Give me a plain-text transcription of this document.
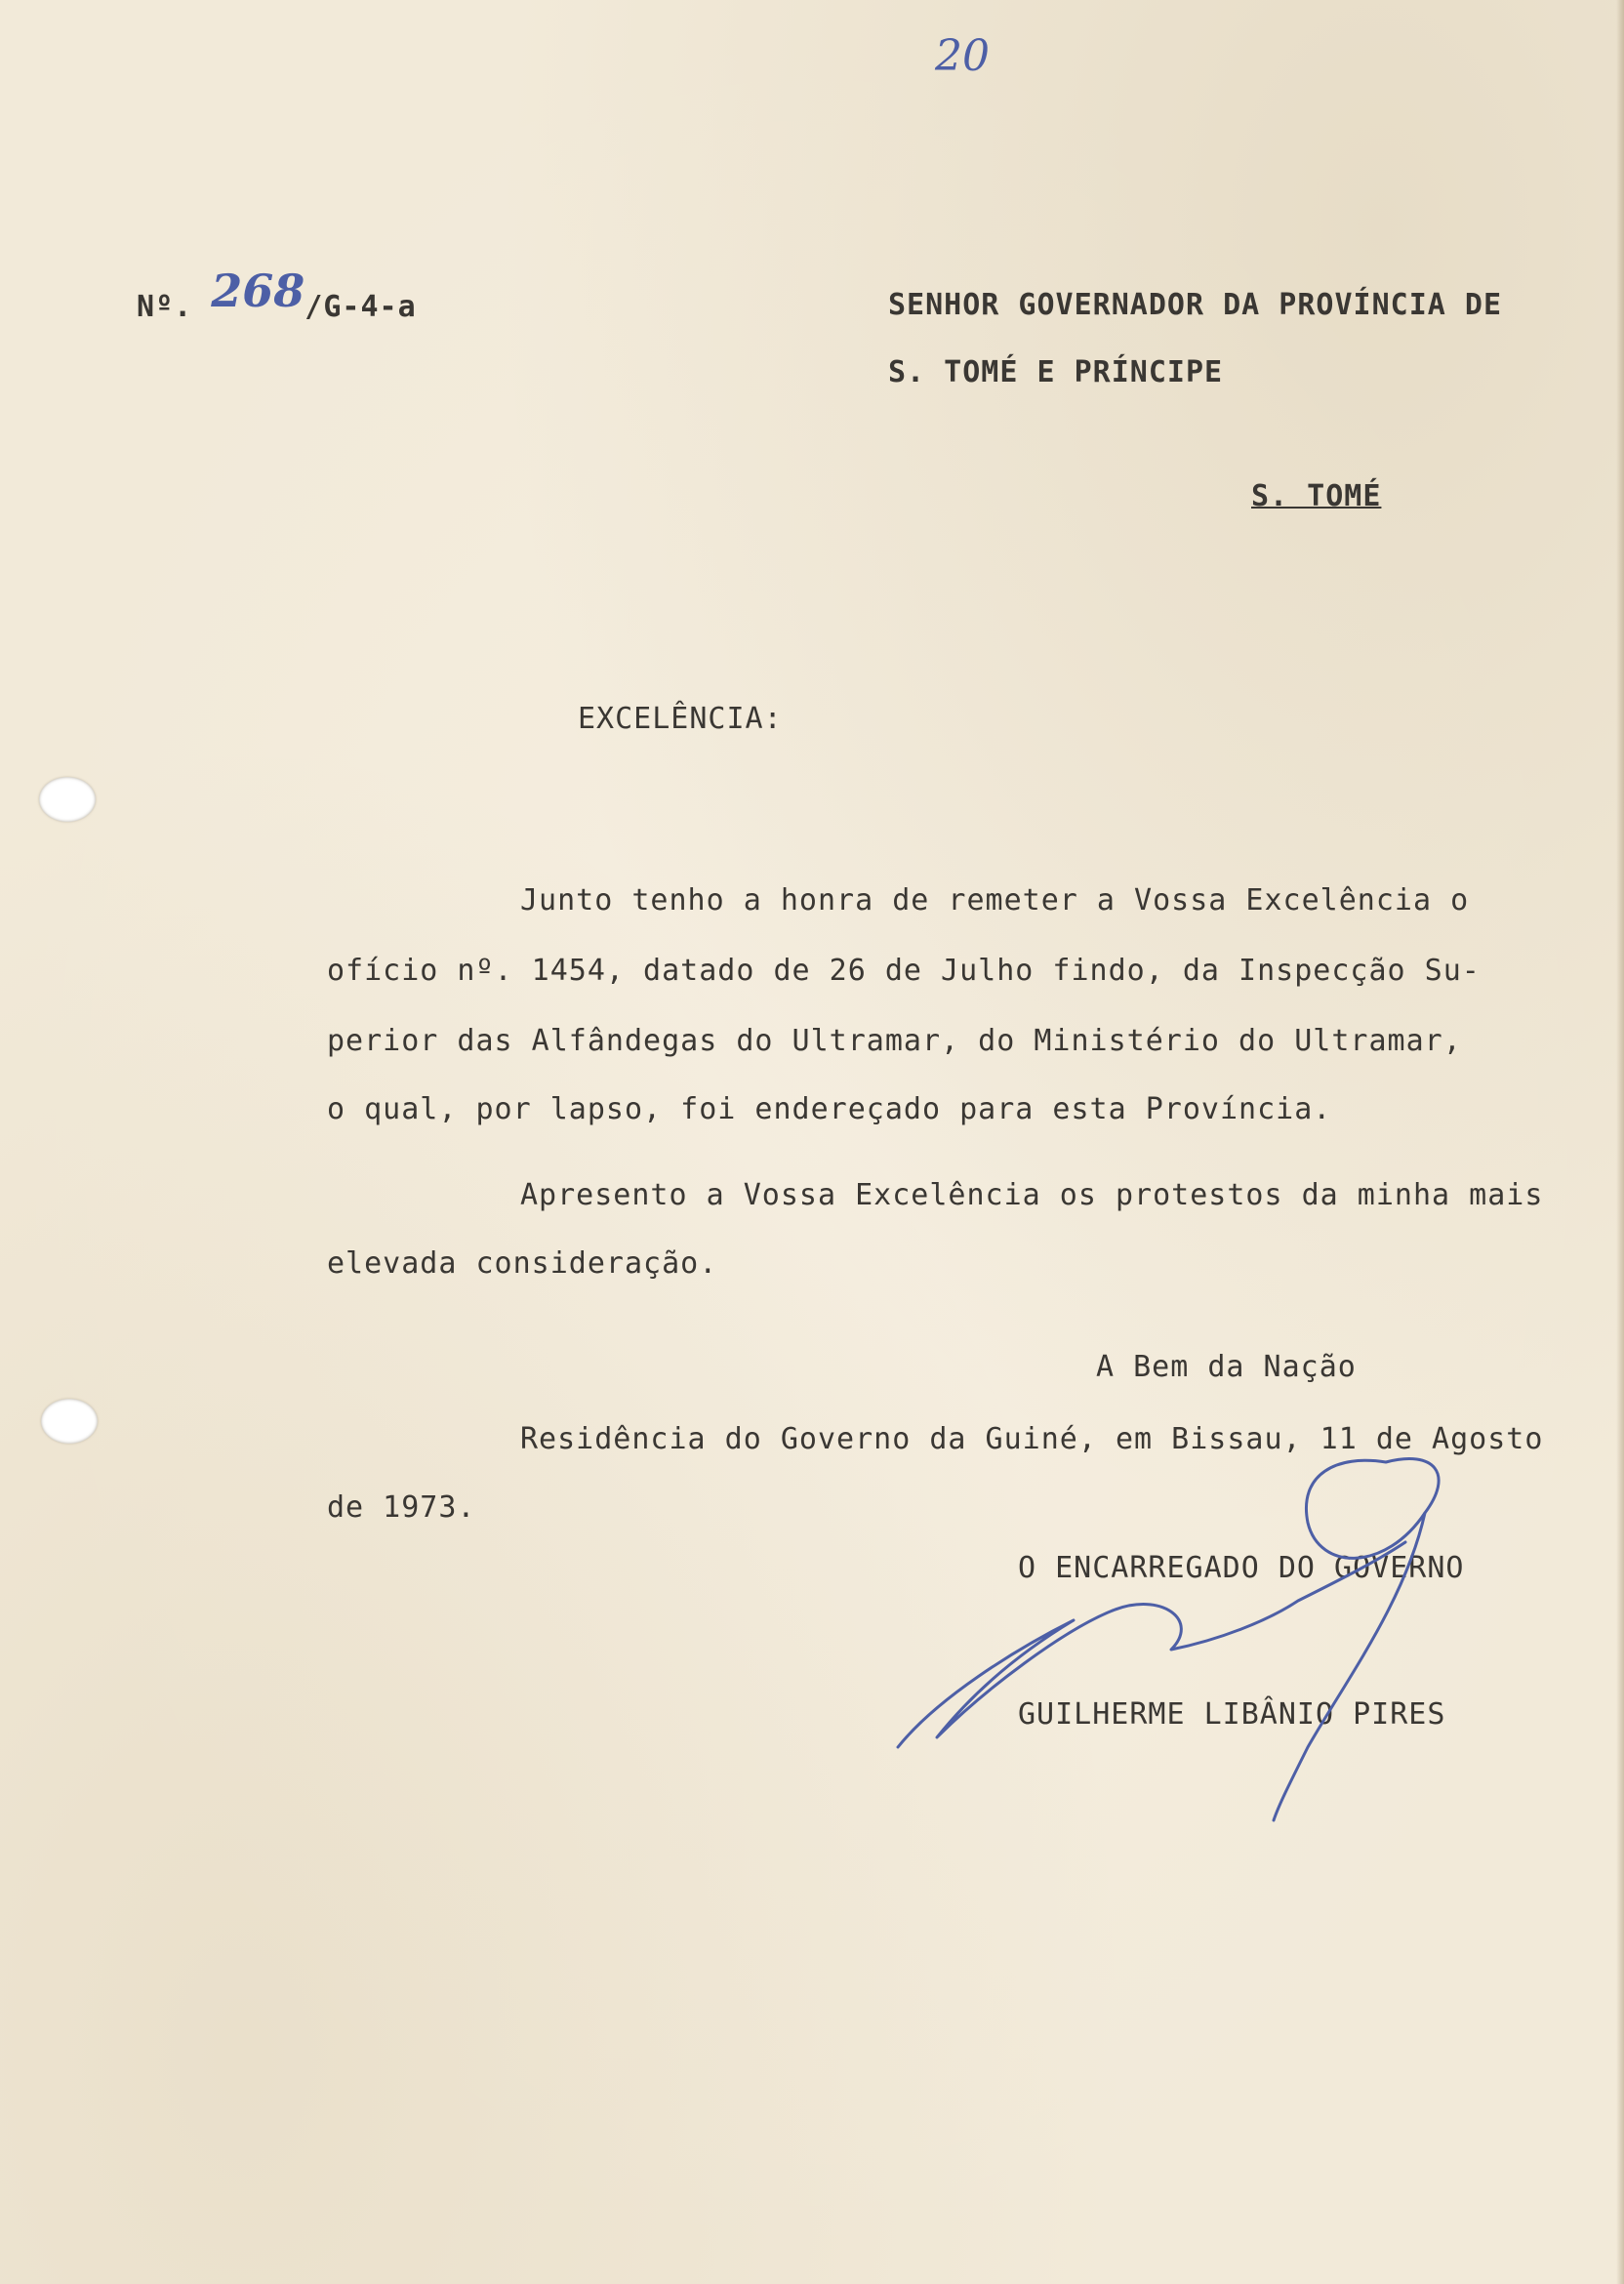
20
Nº. 268/G-4-a	SENHOR GOVERNADOR DA PROVÍNCIA DE
S. TOMÉ E PRÍNCIPE
S. TOMÉ
EXCELÊNCIA:
Junto tenho a honra de remeter a Vossa Excelência o
ofício nº. 1454, datado de 26 de Julho findo, da Inspecção Su-
perior das Alfândegas do Ultramar, do Ministério do Ultramar,
o qual, por lapso, foi endereçado para esta Província.
Apresento a Vossa Excelência os protestos da minha mais
elevada consideração.
A Bem da Nação
Residência do Governo da Guiné, em Bissau, 11 de Agosto
de 1973.
O ENCARREGADO DO GOVERNO
GUILHERME LIBÂNIO PIRES
